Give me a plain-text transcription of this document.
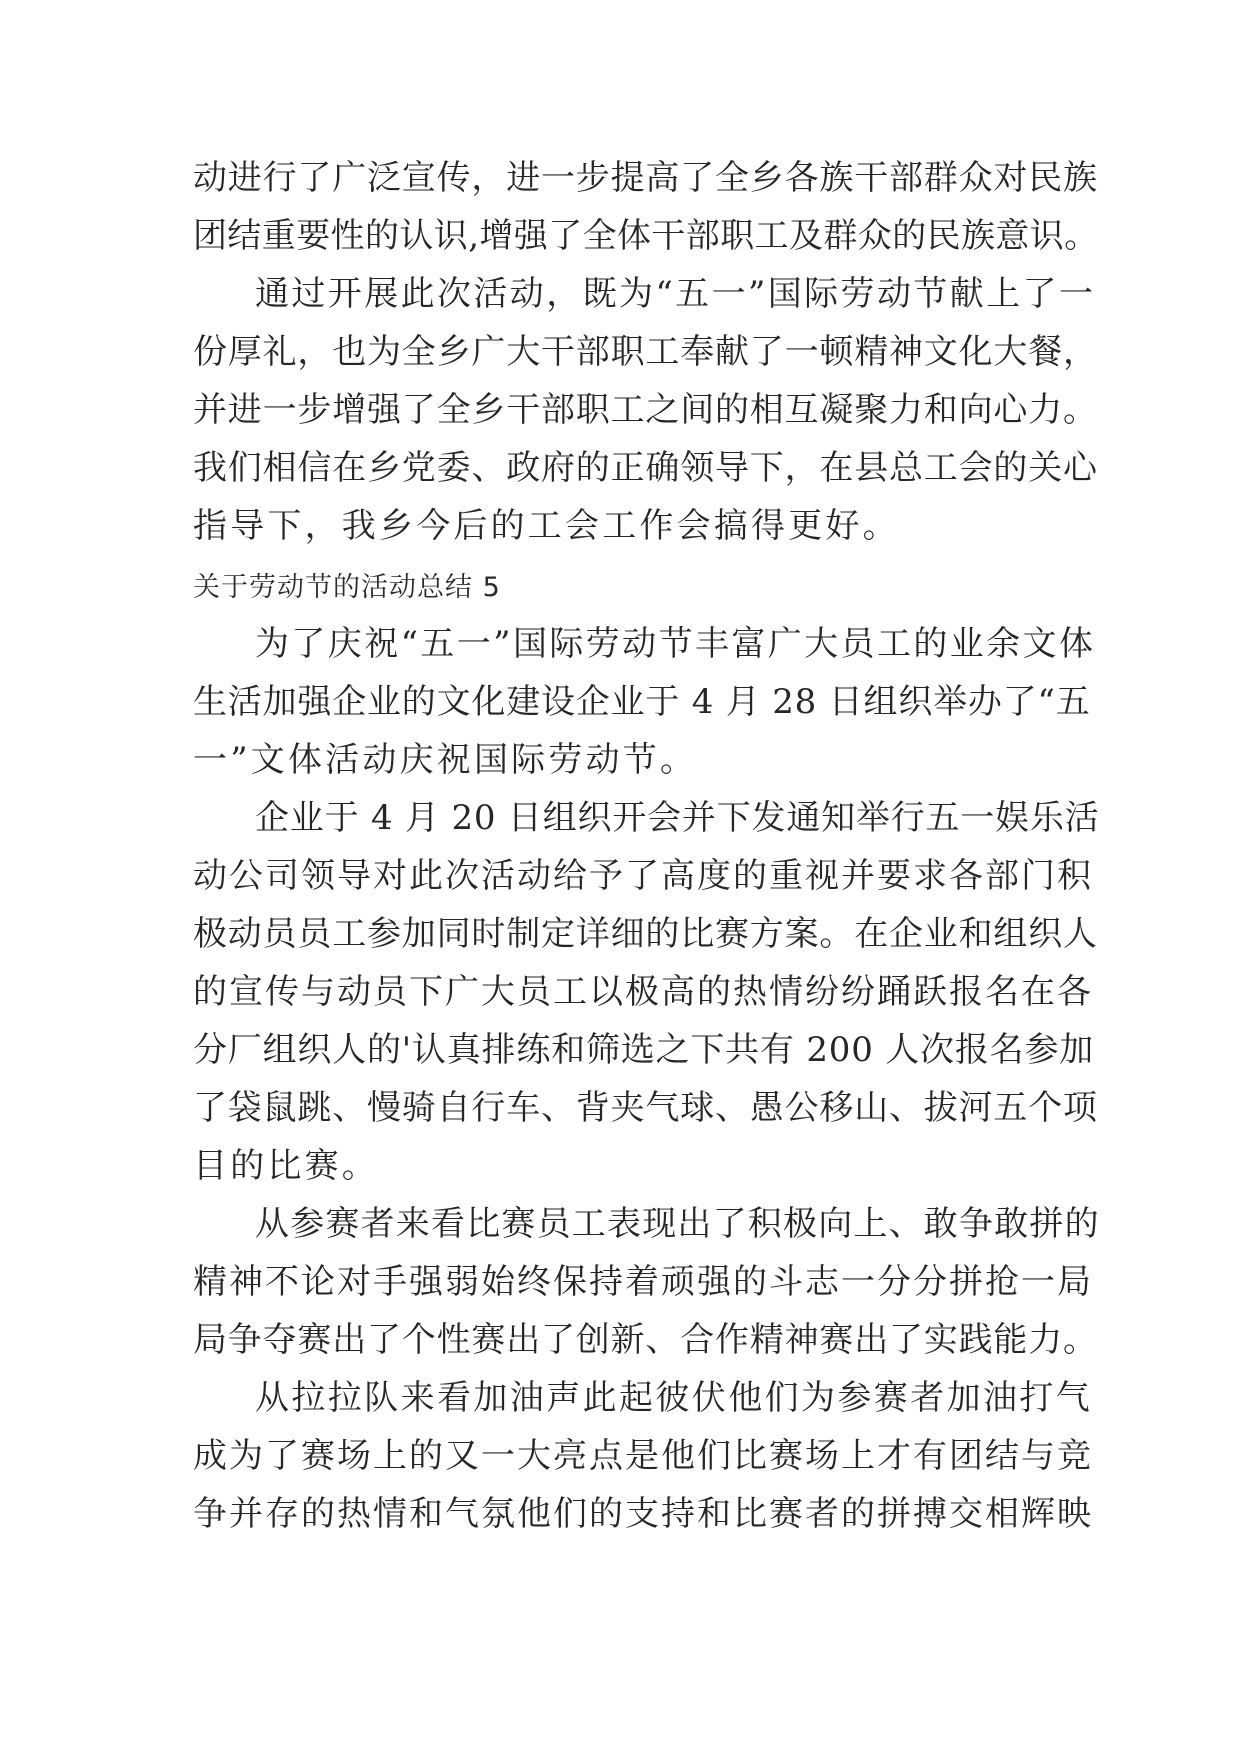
动进行了广泛宣传，进一步提高了全乡各族干部群众对民族
团结重要性的认识,增强了全体干部职工及群众的民族意识。
通过开展此次活动，既为“五一”国际劳动节献上了一
份厚礼，也为全乡广大干部职工奉献了一顿精神文化大餐，
并进一步增强了全乡干部职工之间的相互凝聚力和向心力。
我们相信在乡党委、政府的正确领导下，在县总工会的关心
指导下，我乡今后的工会工作会搞得更好。
关于劳动节的活动总结 5
为了庆祝“五一”国际劳动节丰富广大员工的业余文体
生活加强企业的文化建设企业于 4 月 28 日组织举办了“五
一”文体活动庆祝国际劳动节。
企业于 4 月 20 日组织开会并下发通知举行五一娱乐活
动公司领导对此次活动给予了高度的重视并要求各部门积
极动员员工参加同时制定详细的比赛方案。在企业和组织人
的宣传与动员下广大员工以极高的热情纷纷踊跃报名在各
分厂组织人的'认真排练和筛选之下共有 200 人次报名参加
了袋鼠跳、慢骑自行车、背夹气球、愚公移山、拔河五个项
目的比赛。
从参赛者来看比赛员工表现出了积极向上、敢争敢拼的
精神不论对手强弱始终保持着顽强的斗志一分分拼抢一局
局争夺赛出了个性赛出了创新、合作精神赛出了实践能力。
从拉拉队来看加油声此起彼伏他们为参赛者加油打气
成为了赛场上的又一大亮点是他们比赛场上才有团结与竞
争并存的热情和气氛他们的支持和比赛者的拼搏交相辉映
